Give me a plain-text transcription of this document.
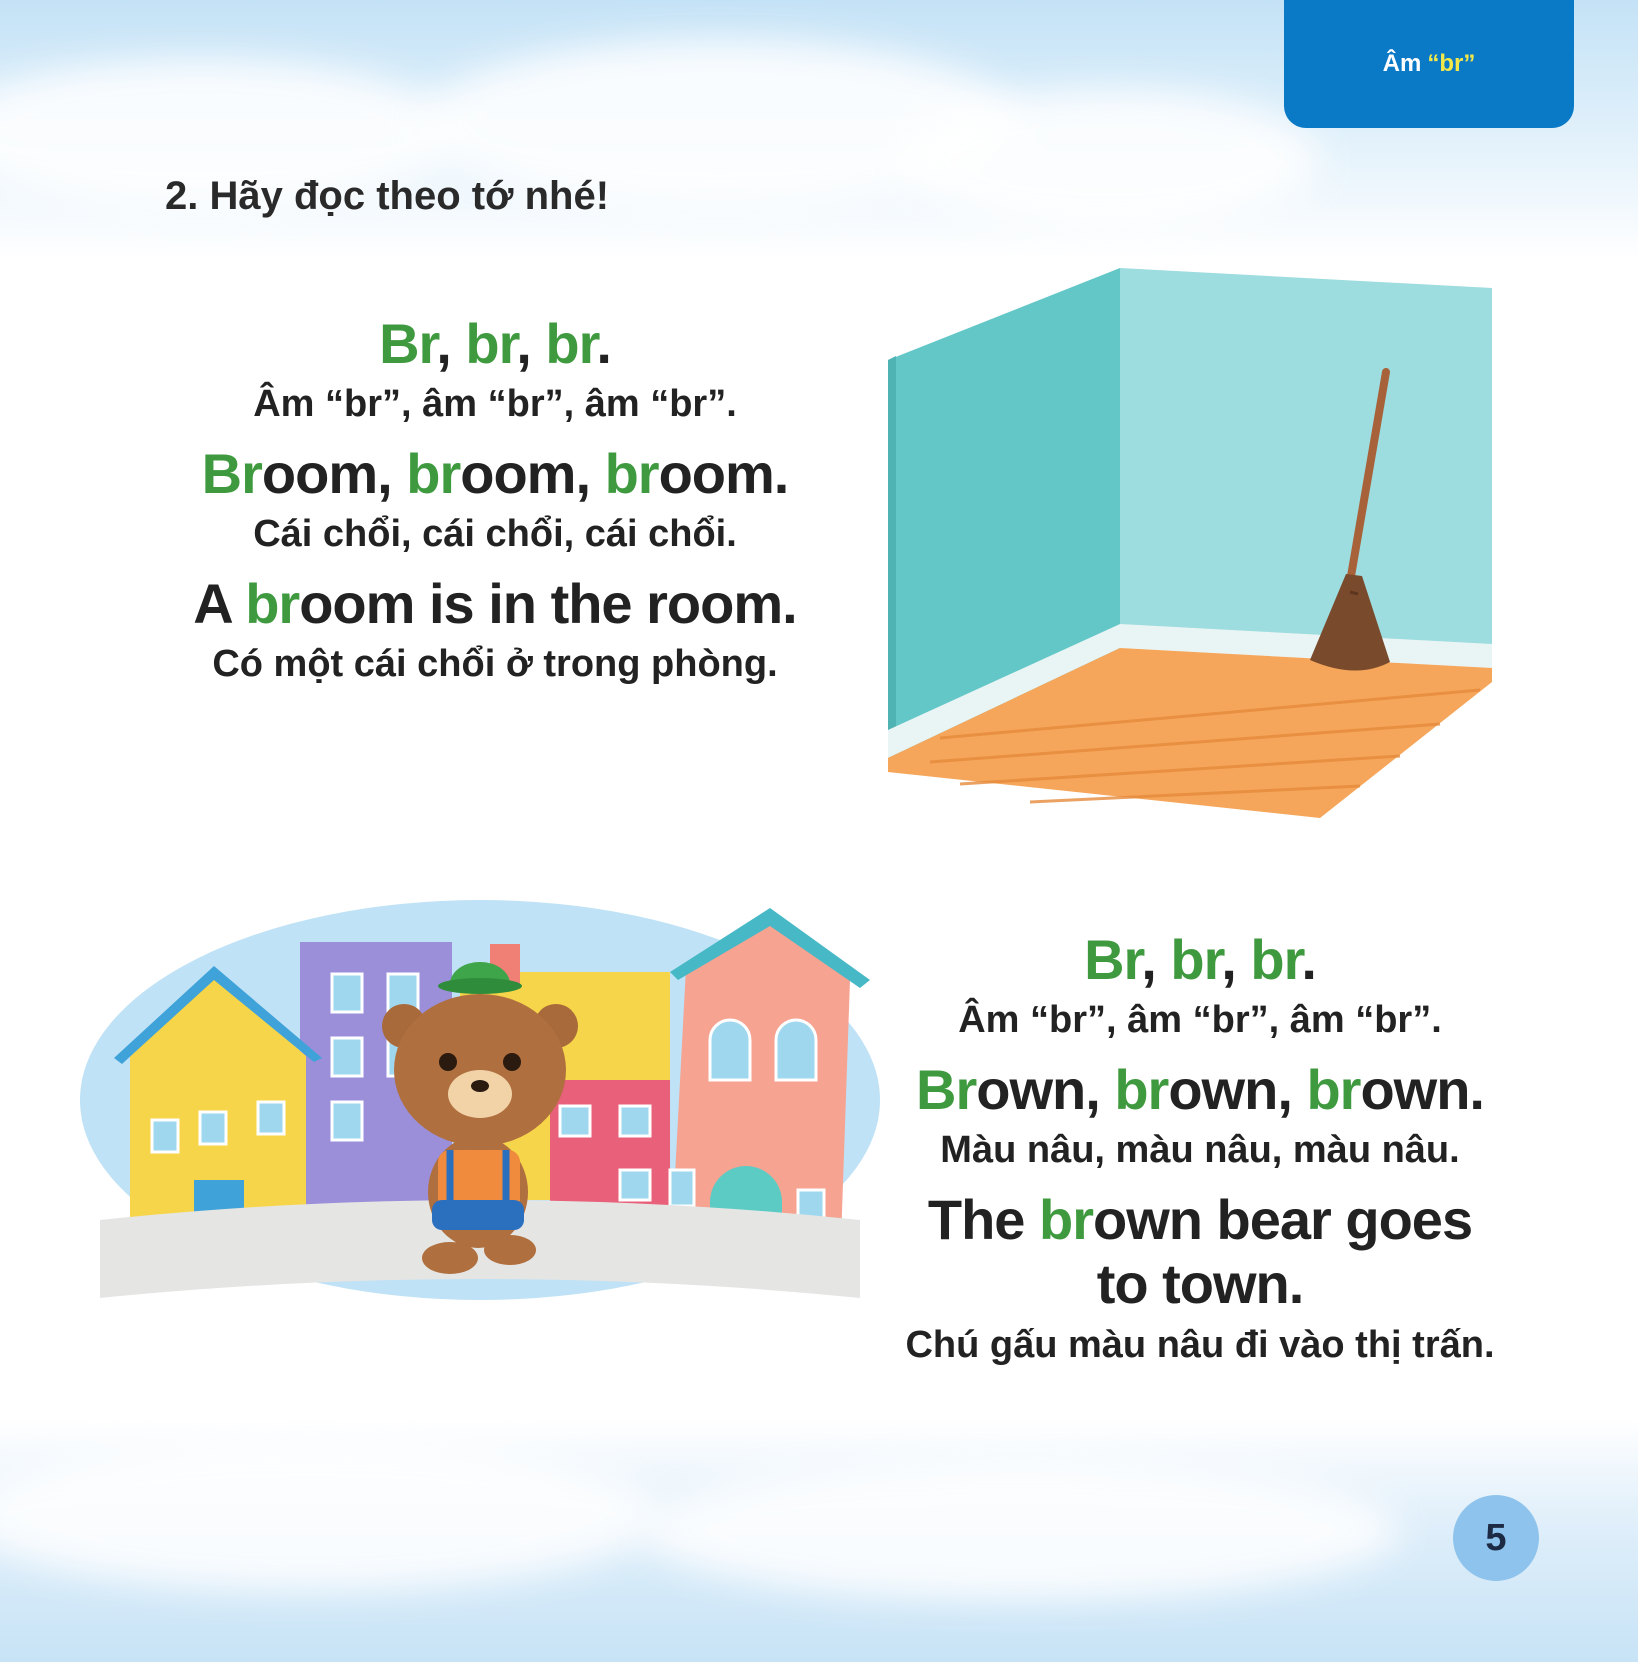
Âm “br”
2. Hãy đọc theo tớ nhé!

Br, br, br.

Âm “br”, âm “br”, âm “br”.

Broom, broom, broom.

Cái chổi, cái chổi, cái chổi.

A broom is in the room.

Có một cái chổi ở trong phòng.

Br, br, br.

Âm “br”, âm “br”, âm “br”.

Brown, brown, brown.

Màu nâu, màu nâu, màu nâu.

The brown bear goes

to town.

Chú gấu màu nâu đi vào thị trấn.

5
